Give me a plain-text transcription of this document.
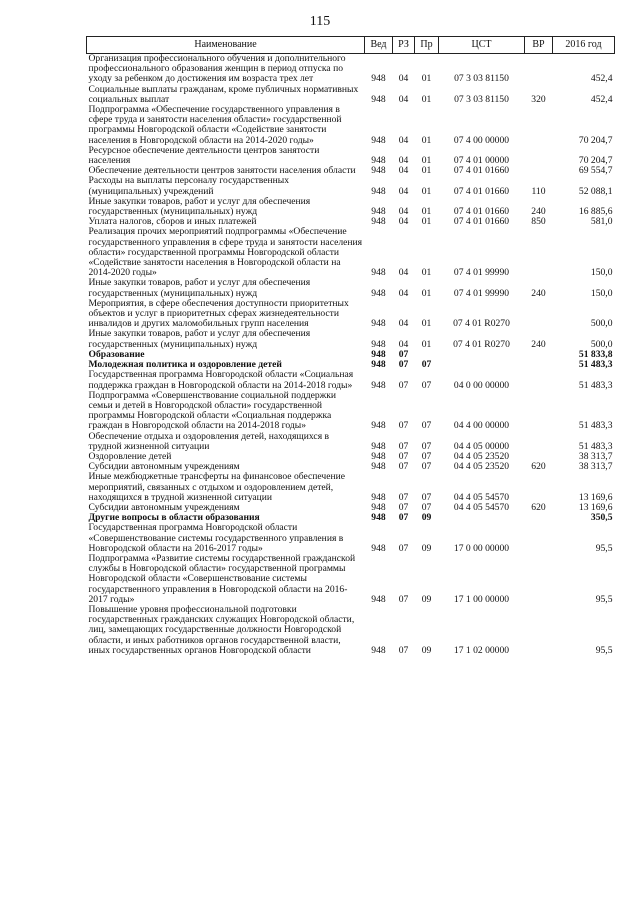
115
Наименование	Вед	РЗ	Пр	ЦСТ	ВР	2016 год
Организация профессионального обучения и дополнительного профессионального образования женщин в период отпуска по уходу за ребенком до достижения им возраста трех лет	948	04	01	07 3 03 81150		452,4
Социальные выплаты гражданам, кроме публичных нормативных социальных выплат	948	04	01	07 3 03 81150	320	452,4
Подпрограмма «Обеспечение государственного управления в сфере труда и занятости населения области» государственной программы Новгородской области «Содействие занятости населения в Новгородской области на 2014-2020 годы»	948	04	01	07 4 00 00000		70 204,7
Ресурсное обеспечение деятельности центров занятости населения	948	04	01	07 4 01 00000		70 204,7
Обеспечение деятельности центров занятости населения области	948	04	01	07 4 01 01660		69 554,7
Расходы на выплаты персоналу государственных (муниципальных) учреждений	948	04	01	07 4 01 01660	110	52 088,1
Иные закупки товаров, работ и услуг для обеспечения государственных (муниципальных) нужд	948	04	01	07 4 01 01660	240	16 885,6
Уплата налогов, сборов и иных платежей	948	04	01	07 4 01 01660	850	581,0
Реализация прочих мероприятий подпрограммы «Обеспечение государственного управления в сфере труда и занятости населения области» государственной программы Новгородской области «Содействие занятости населения в Новгородской области на 2014-2020 годы»	948	04	01	07 4 01 99990		150,0
Иные закупки товаров, работ и услуг для обеспечения государственных (муниципальных) нужд	948	04	01	07 4 01 99990	240	150,0
Мероприятия, в сфере обеспечения доступности приоритетных объектов и услуг в приоритетных сферах жизнедеятельности инвалидов и других маломобильных групп населения	948	04	01	07 4 01 R0270		500,0
Иные закупки товаров, работ и услуг для обеспечения государственных (муниципальных) нужд	948	04	01	07 4 01 R0270	240	500,0
Образование	948	07				51 833,8
Молодежная политика и оздоровление детей	948	07	07			51 483,3
Государственная программа Новгородской области «Социальная поддержка граждан в Новгородской области на 2014-2018 годы»	948	07	07	04 0 00 00000		51 483,3
Подпрограмма «Совершенствование социальной поддержки семьи и детей в Новгородской области» государственной программы Новгородской области «Социальная поддержка граждан в Новгородской области на 2014-2018 годы»	948	07	07	04 4 00 00000		51 483,3
Обеспечение отдыха и оздоровления детей, находящихся в трудной жизненной ситуации	948	07	07	04 4 05 00000		51 483,3
Оздоровление детей	948	07	07	04 4 05 23520		38 313,7
Субсидии автономным учреждениям	948	07	07	04 4 05 23520	620	38 313,7
Иные межбюджетные трансферты на финансовое обеспечение мероприятий, связанных с отдыхом и оздоровлением детей, находящихся в трудной жизненной ситуации	948	07	07	04 4 05 54570		13 169,6
Субсидии автономным учреждениям	948	07	07	04 4 05 54570	620	13 169,6
Другие вопросы в области образования	948	07	09			350,5
Государственная программа Новгородской области «Совершенствование системы государственного управления в Новгородской области на 2016-2017 годы»	948	07	09	17 0 00 00000		95,5
Подпрограмма «Развитие системы государственной гражданской службы в Новгородской области» государственной программы Новгородской области «Совершенствование системы государственного управления в Новгородской области на 2016-2017 годы»	948	07	09	17 1 00 00000		95,5
Повышение уровня профессиональной подготовки государственных гражданских служащих Новгородской области, лиц, замещающих государственные должности Новгородской области, и иных работников органов государственной власти, иных государственных органов Новгородской области	948	07	09	17 1 02 00000		95,5
